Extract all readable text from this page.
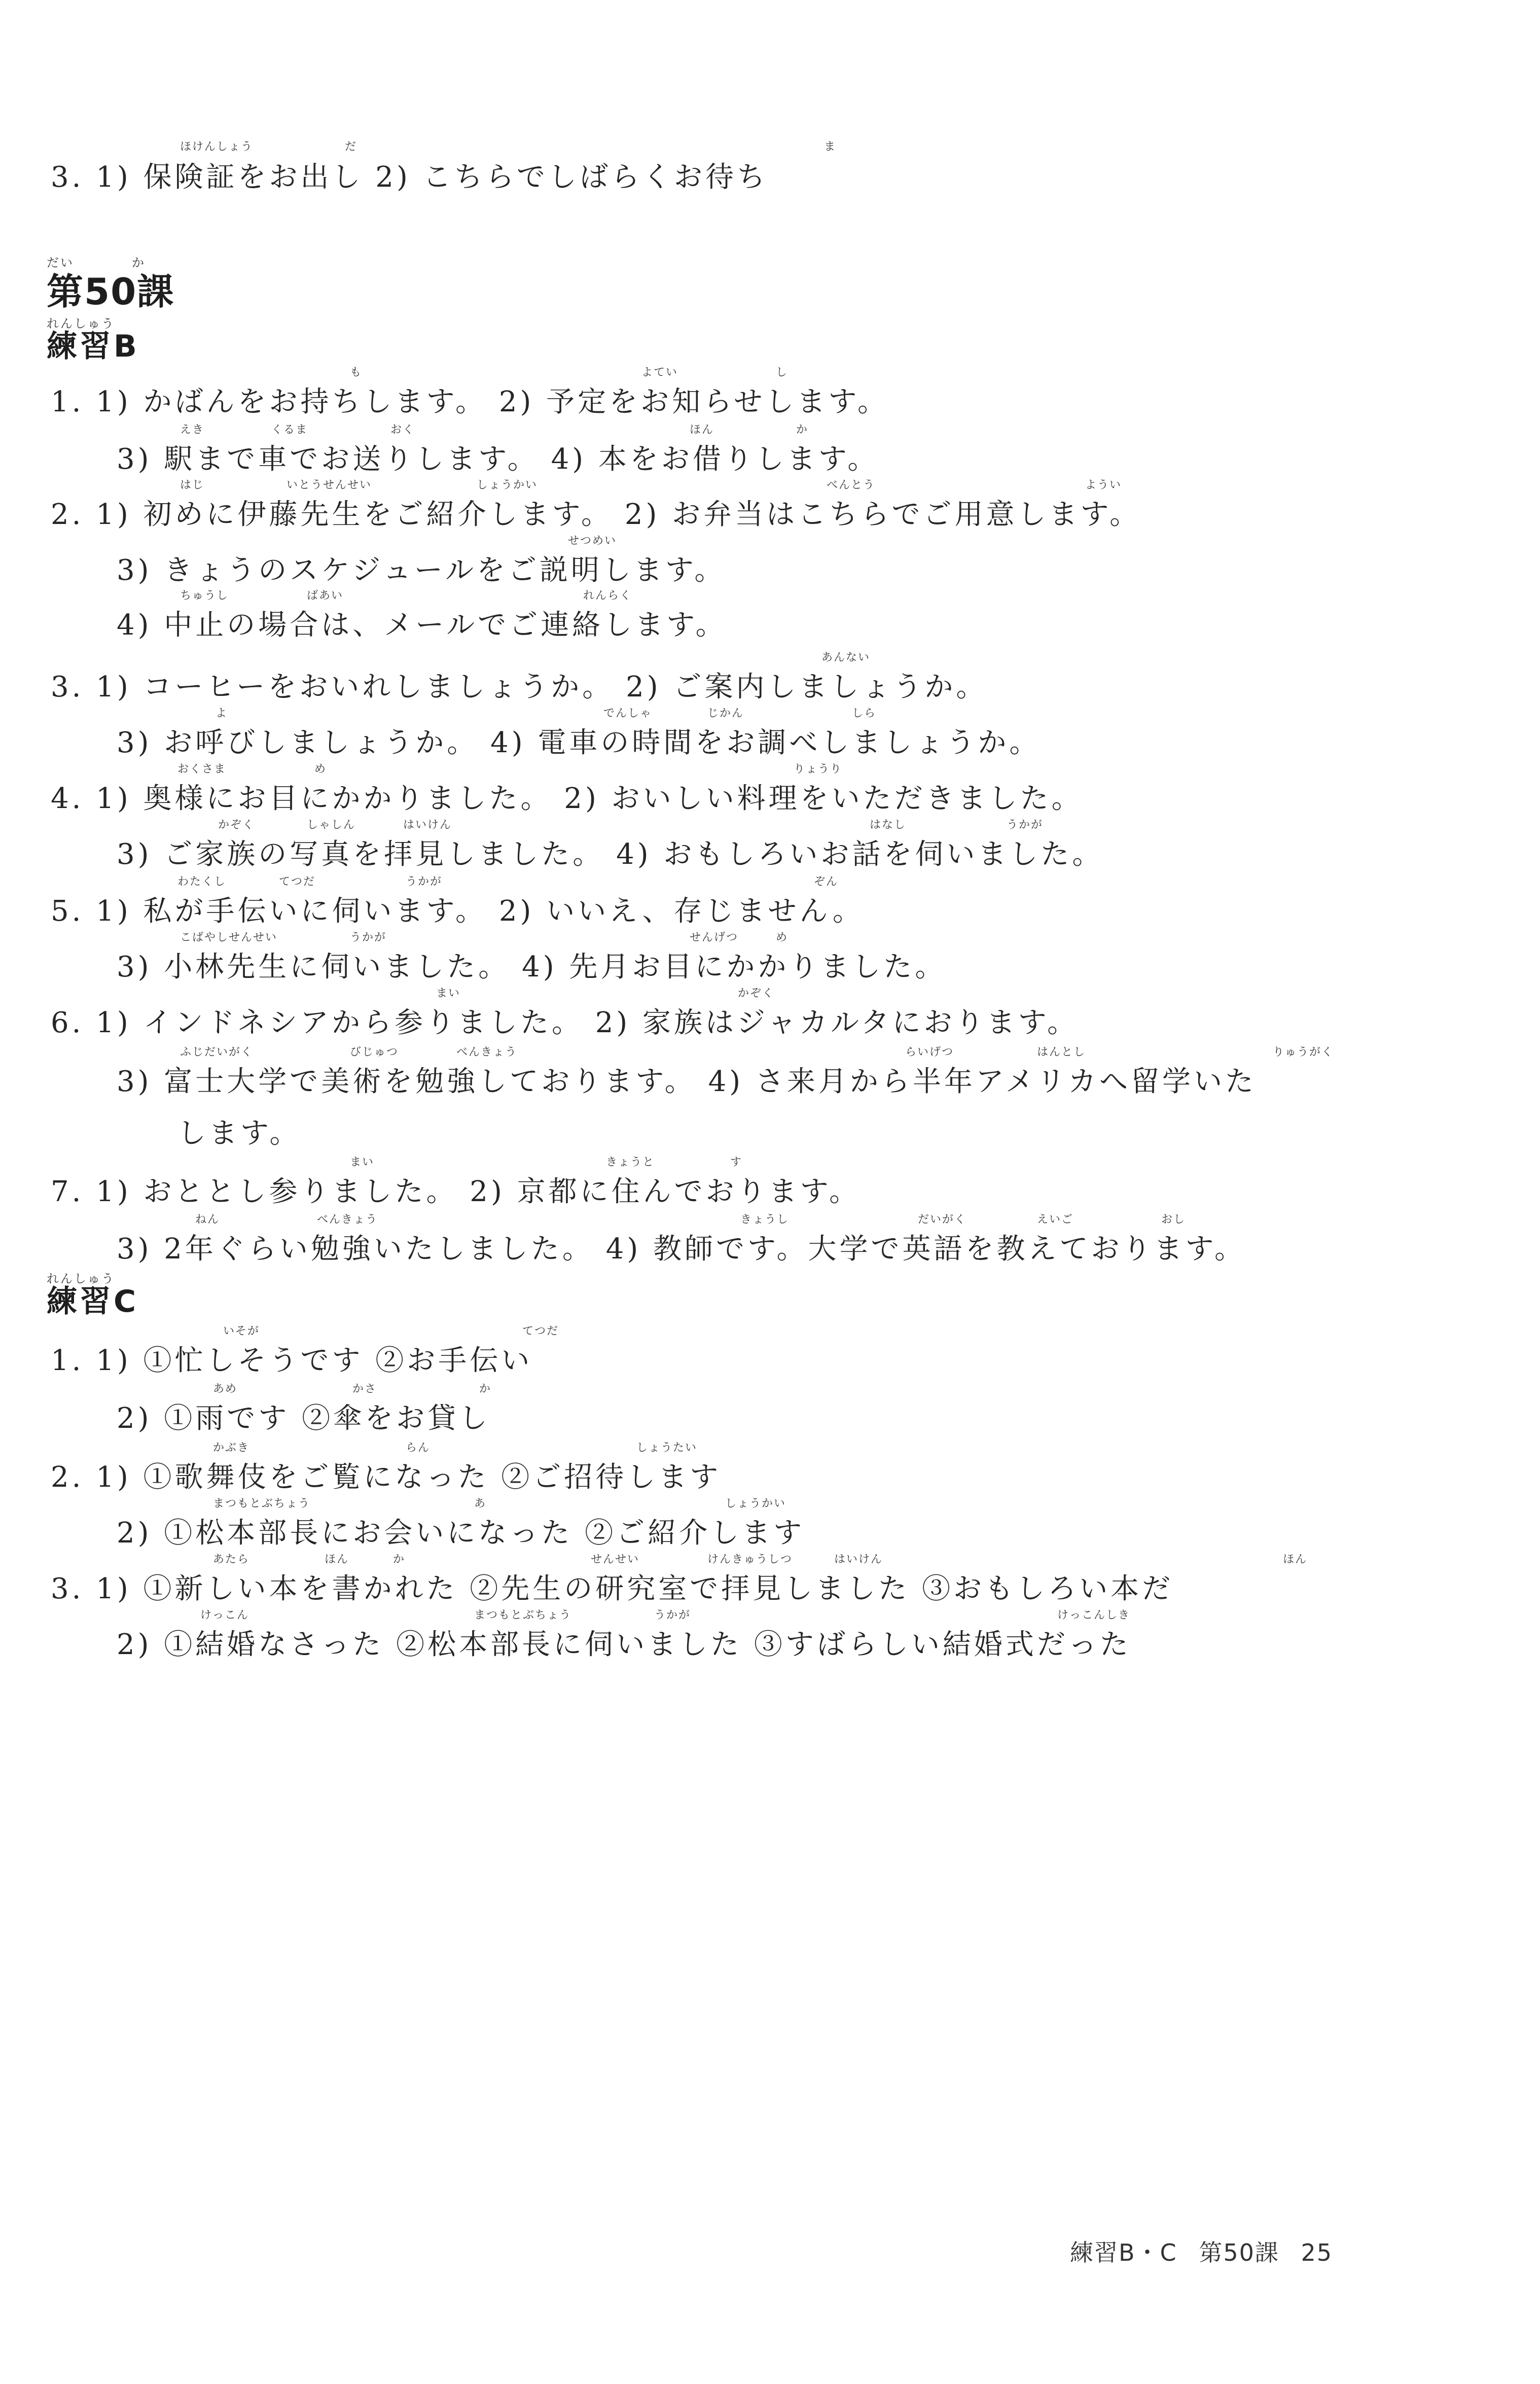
ほけんしょう	だ	ま
3. 1) 保険証をお出し 2) こちらでしばらくお待ち
だい	か
第50課
れんしゅう
練習B
も	よてい	し
1. 1) かばんをお持ちします。 2) 予定をお知らせします。
えき	くるま	おく	ほん	か
3) 駅まで車でお送りします。 4) 本をお借りします。
はじ	いとうせんせい	しょうかい	べんとう	ようい
2. 1) 初めに伊藤先生をご紹介します。 2) お弁当はこちらでご用意します。
せつめい
3) きょうのスケジュールをご説明します。
ちゅうし	ばあい	れんらく
4) 中止の場合は、メールでご連絡します。
あんない
3. 1) コーヒーをおいれしましょうか。 2) ご案内しましょうか。
よ	でんしゃ	じかん	しら
3) お呼びしましょうか。 4) 電車の時間をお調べしましょうか。
おくさま	め	りょうり
4. 1) 奥様にお目にかかりました。 2) おいしい料理をいただきました。
かぞく	しゃしん	はいけん	はなし	うかが
3) ご家族の写真を拝見しました。 4) おもしろいお話を伺いました。
わたくし	てつだ	うかが	ぞん
5. 1) 私が手伝いに伺います。 2) いいえ、存じません。
こばやしせんせい	うかが	せんげつ	め
3) 小林先生に伺いました。 4) 先月お目にかかりました。
まい	かぞく
6. 1) インドネシアから参りました。 2) 家族はジャカルタにおります。
ふじだいがく	びじゅつ	べんきょう	らいげつ	はんとし	りゅうがく
3) 富士大学で美術を勉強しております。 4) さ来月から半年アメリカへ留学いた
します。
まい	きょうと	す
7. 1) おととし参りました。 2) 京都に住んでおります。
ねん	べんきょう	きょうし	だいがく	えいご	おし
3) 2年ぐらい勉強いたしました。 4) 教師です。大学で英語を教えております。
れんしゅう
練習C
いそが	てつだ
1. 1) ①忙しそうです ②お手伝い
あめ	かさ	か
2) ①雨です ②傘をお貸し
かぶき	らん	しょうたい
2. 1) ①歌舞伎をご覧になった ②ご招待します
まつもとぶちょう	あ	しょうかい
2) ①松本部長にお会いになった ②ご紹介します
あたら	ほん	か	せんせい	けんきゅうしつ	はいけん	ほん
3. 1) ①新しい本を書かれた ②先生の研究室で拝見しました ③おもしろい本だ
けっこん	まつもとぶちょう	うかが	けっこんしき
2) ①結婚なさった ②松本部長に伺いました ③すばらしい結婚式だった
練習B・C 第50課 25
